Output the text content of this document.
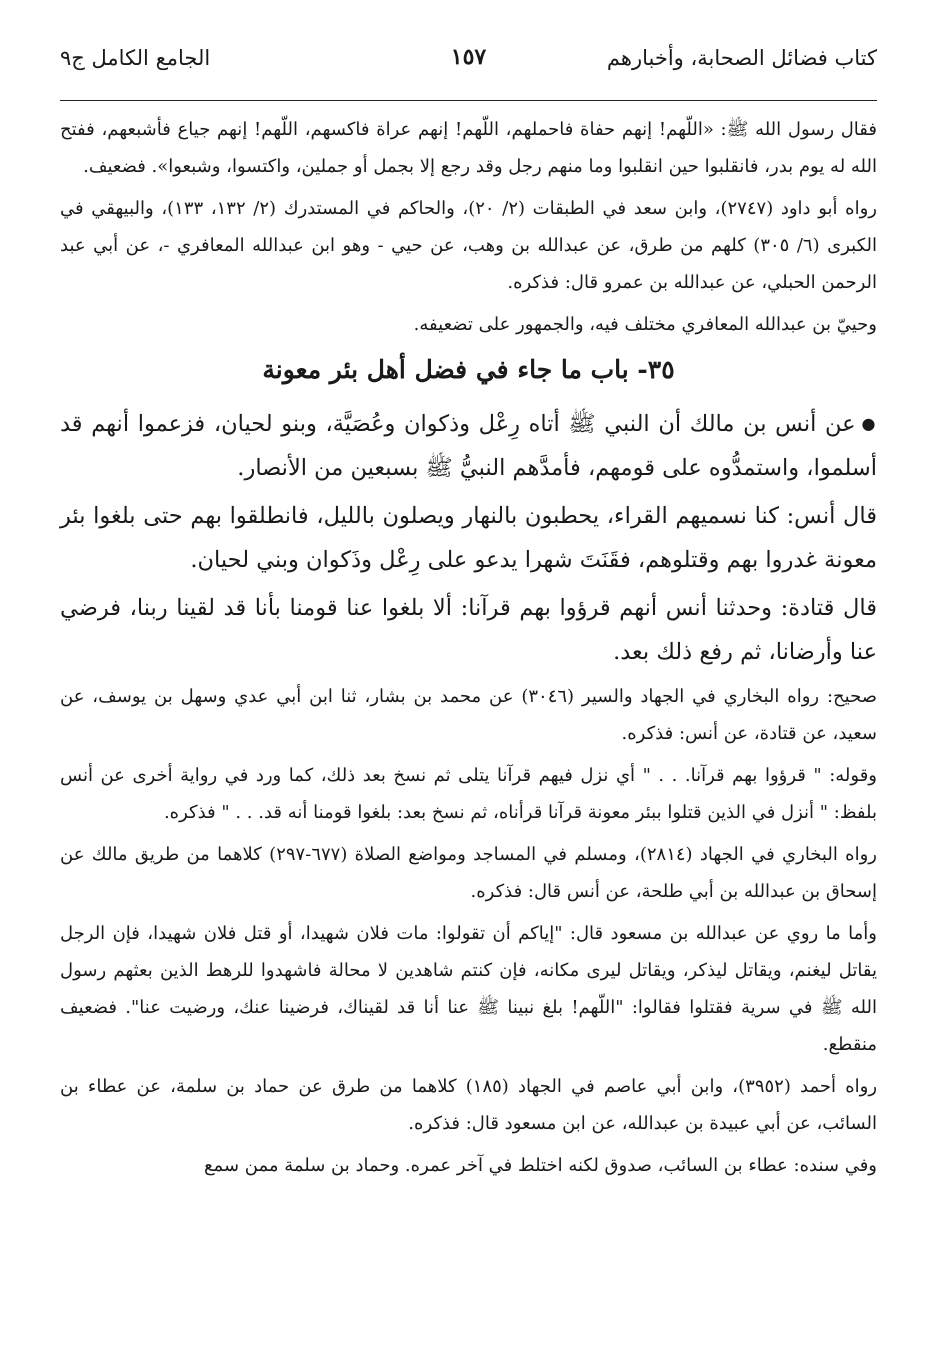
كتاب فضائل الصحابة، وأخبارهم
١٥٧
الجامع الكامل ج٩

فقال رسول الله ﷺ: «اللّهم! إنهم حفاة فاحملهم، اللّهم! إنهم عراة فاكسهم، اللّهم! إنهم جياع فأشبعهم، ففتح الله له يوم بدر، فانقلبوا حين انقلبوا وما منهم رجل وقد رجع إلا بجمل أو جملين، واكتسوا، وشبعوا». فضعيف.

رواه أبو داود (٢٧٤٧)، وابن سعد في الطبقات (٢/ ٢٠)، والحاكم في المستدرك (٢/ ١٣٢، ١٣٣)، والبيهقي في الكبرى (٦/ ٣٠٥) كلهم من طرق، عن عبدالله بن وهب، عن حيي - وهو ابن عبدالله المعافري -، عن أبي عبد الرحمن الحبلي، عن عبدالله بن عمرو قال: فذكره.

وحييّ بن عبدالله المعافري مختلف فيه، والجمهور على تضعيفه.

٣٥- باب ما جاء في فضل أهل بئر معونة

●عن أنس بن مالك أن النبي ﷺ أتاه رِعْل وذكوان وعُصَيَّة، وبنو لحيان، فزعموا أنهم قد أسلموا، واستمدُّوه على قومهم، فأمدَّهم النبيُّ ﷺ بسبعين من الأنصار.

قال أنس: كنا نسميهم القراء، يحطبون بالنهار ويصلون بالليل، فانطلقوا بهم حتى بلغوا بئر معونة غدروا بهم وقتلوهم، فقَنَتَ شهرا يدعو على رِعْل وذَكوان وبني لحيان.

قال قتادة: وحدثنا أنس أنهم قرؤوا بهم قرآنا: ألا بلغوا عنا قومنا بأنا قد لقينا ربنا، فرضي عنا وأرضانا، ثم رفع ذلك بعد.

صحيح: رواه البخاري في الجهاد والسير (٣٠٤٦) عن محمد بن بشار، ثنا ابن أبي عدي وسهل بن يوسف، عن سعيد، عن قتادة، عن أنس: فذكره.

وقوله: " قرؤوا بهم قرآنا. . . " أي نزل فيهم قرآنا يتلى ثم نسخ بعد ذلك، كما ورد في رواية أخرى عن أنس بلفظ: " أنزل في الذين قتلوا ببئر معونة قرآنا قرأناه، ثم نسخ بعد: بلغوا قومنا أنه قد. . . " فذكره.

رواه البخاري في الجهاد (٢٨١٤)، ومسلم في المساجد ومواضع الصلاة (٦٧٧-٢٩٧) كلاهما من طريق مالك عن إسحاق بن عبدالله بن أبي طلحة، عن أنس قال: فذكره.

وأما ما روي عن عبدالله بن مسعود قال: "إياكم أن تقولوا: مات فلان شهيدا، أو قتل فلان شهيدا، فإن الرجل يقاتل ليغنم، ويقاتل ليذكر، ويقاتل ليرى مكانه، فإن كنتم شاهدين لا محالة فاشهدوا للرهط الذين بعثهم رسول الله ﷺ في سرية فقتلوا فقالوا: "اللّهم! بلغ نبينا ﷺ عنا أنا قد لقيناك، فرضينا عنك، ورضيت عنا". فضعيف منقطع.

رواه أحمد (٣٩٥٢)، وابن أبي عاصم في الجهاد (١٨٥) كلاهما من طرق عن حماد بن سلمة، عن عطاء بن السائب، عن أبي عبيدة بن عبدالله، عن ابن مسعود قال: فذكره.

وفي سنده: عطاء بن السائب، صدوق لكنه اختلط في آخر عمره. وحماد بن سلمة ممن سمع
